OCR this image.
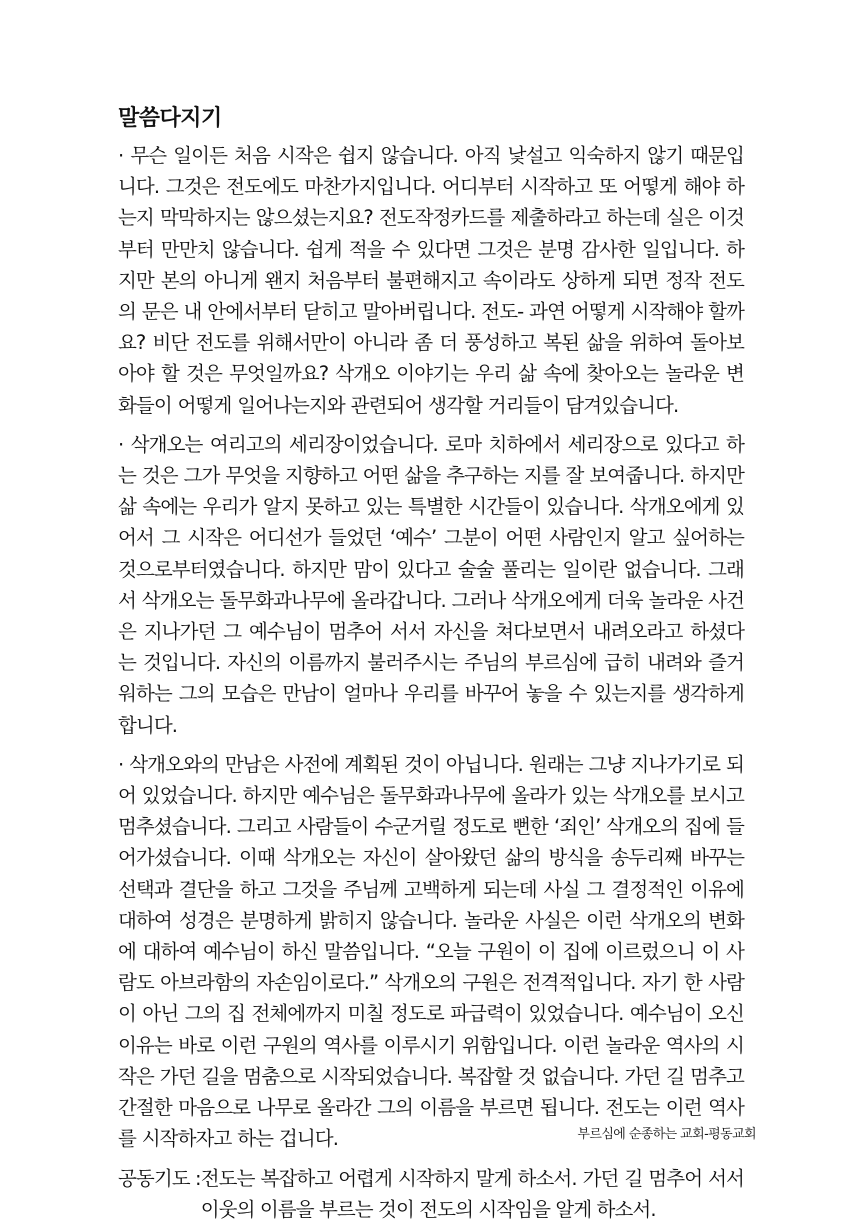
말씀다지기

· 무슨 일이든 처음 시작은 쉽지 않습니다. 아직 낯설고 익숙하지 않기 때문입니다. 그것은 전도에도 마찬가지입니다. 어디부터 시작하고 또 어떻게 해야 하는지 막막하지는 않으셨는지요? 전도작정카드를 제출하라고 하는데 실은 이것부터 만만치 않습니다. 쉽게 적을 수 있다면 그것은 분명 감사한 일입니다. 하지만 본의 아니게 왠지 처음부터 불편해지고 속이라도 상하게 되면 정작 전도의 문은 내 안에서부터 닫히고 말아버립니다. 전도- 과연 어떻게 시작해야 할까요? 비단 전도를 위해서만이 아니라 좀 더 풍성하고 복된 삶을 위하여 돌아보아야 할 것은 무엇일까요? 삭개오 이야기는 우리 삶 속에 찾아오는 놀라운 변화들이 어떻게 일어나는지와 관련되어 생각할 거리들이 담겨있습니다.

· 삭개오는 여리고의 세리장이었습니다. 로마 치하에서 세리장으로 있다고 하는 것은 그가 무엇을 지향하고 어떤 삶을 추구하는 지를 잘 보여줍니다. 하지만 삶 속에는 우리가 알지 못하고 있는 특별한 시간들이 있습니다. 삭개오에게 있어서 그 시작은 어디선가 들었던 ‘예수’ 그분이 어떤 사람인지 알고 싶어하는 것으로부터였습니다. 하지만 맘이 있다고 술술 풀리는 일이란 없습니다. 그래서 삭개오는 돌무화과나무에 올라갑니다. 그러나 삭개오에게 더욱 놀라운 사건은 지나가던 그 예수님이 멈추어 서서 자신을 쳐다보면서 내려오라고 하셨다는 것입니다. 자신의 이름까지 불러주시는 주님의 부르심에 급히 내려와 즐거워하는 그의 모습은 만남이 얼마나 우리를 바꾸어 놓을 수 있는지를 생각하게 합니다.

· 삭개오와의 만남은 사전에 계획된 것이 아닙니다. 원래는 그냥 지나가기로 되어 있었습니다. 하지만 예수님은 돌무화과나무에 올라가 있는 삭개오를 보시고 멈추셨습니다. 그리고 사람들이 수군거릴 정도로 뻔한 ‘죄인’ 삭개오의 집에 들어가셨습니다. 이때 삭개오는 자신이 살아왔던 삶의 방식을 송두리째 바꾸는 선택과 결단을 하고 그것을 주님께 고백하게 되는데 사실 그 결정적인 이유에 대하여 성경은 분명하게 밝히지 않습니다. 놀라운 사실은 이런 삭개오의 변화에 대하여 예수님이 하신 말씀입니다. “오늘 구원이 이 집에 이르렀으니 이 사람도 아브라함의 자손임이로다.” 삭개오의 구원은 전격적입니다. 자기 한 사람이 아닌 그의 집 전체에까지 미칠 정도로 파급력이 있었습니다. 예수님이 오신 이유는 바로 이런 구원의 역사를 이루시기 위함입니다. 이런 놀라운 역사의 시작은 가던 길을 멈춤으로 시작되었습니다. 복잡할 것 없습니다. 가던 길 멈추고 간절한 마음으로 나무로 올라간 그의 이름을 부르면 됩니다. 전도는 이런 역사를 시작하자고 하는 겁니다.

공동기도 : 전도는 복잡하고 어렵게 시작하지 말게 하소서. 가던 길 멈추어 서서
이웃의 이름을 부르는 것이 전도의 시작임을 알게 하소서.
부르심에 순종하는 교회-평동교회
